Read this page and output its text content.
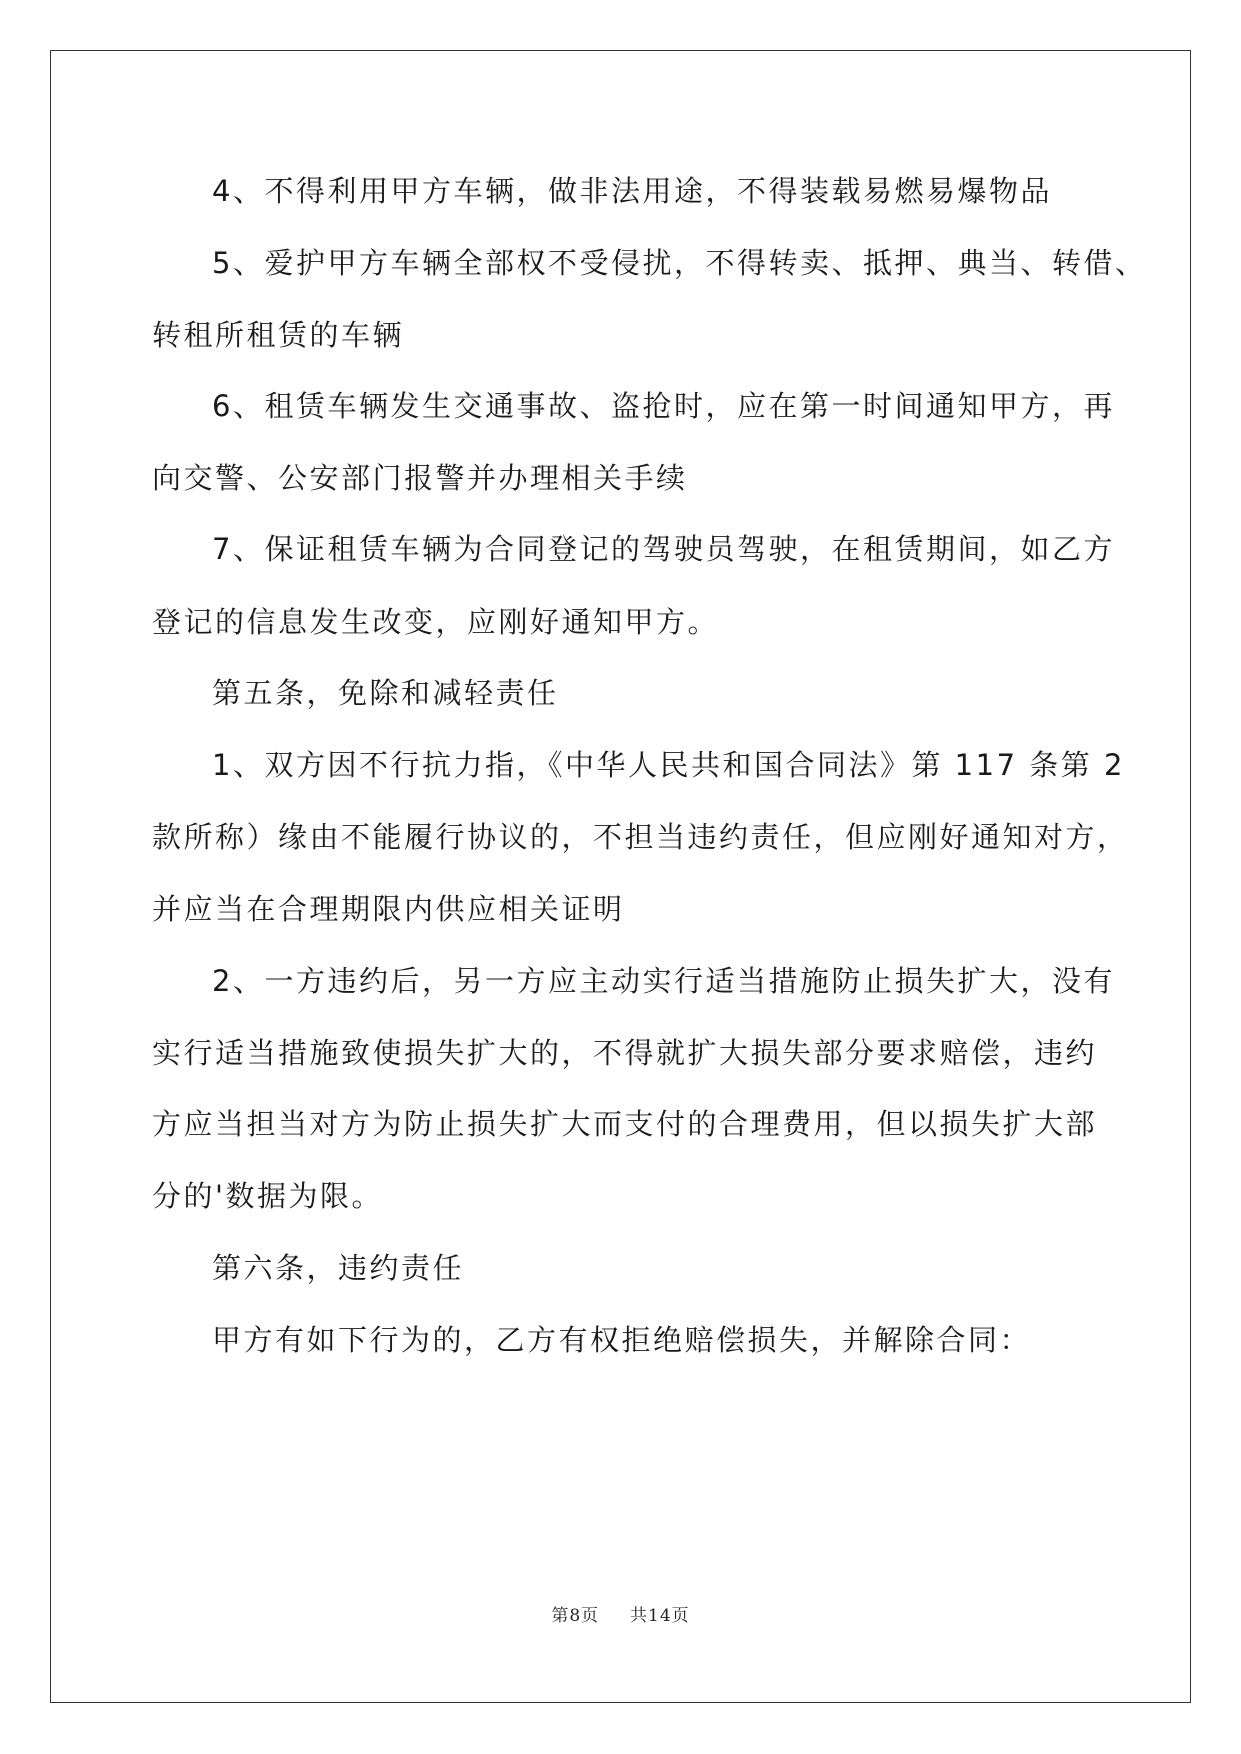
4、不得利用甲方车辆，做非法用途，不得装载易燃易爆物品
5、爱护甲方车辆全部权不受侵扰，不得转卖、抵押、典当、转借、
转租所租赁的车辆
6、租赁车辆发生交通事故、盗抢时，应在第一时间通知甲方，再
向交警、公安部门报警并办理相关手续
7、保证租赁车辆为合同登记的驾驶员驾驶，在租赁期间，如乙方
登记的信息发生改变，应刚好通知甲方。
第五条，免除和减轻责任
1、双方因不行抗力指，《中华人民共和国合同法》第 117 条第 2
款所称）缘由不能履行协议的，不担当违约责任，但应刚好通知对方，
并应当在合理期限内供应相关证明
2、一方违约后，另一方应主动实行适当措施防止损失扩大，没有
实行适当措施致使损失扩大的，不得就扩大损失部分要求赔偿，违约
方应当担当对方为防止损失扩大而支付的合理费用，但以损失扩大部
分的'数据为限。
第六条，违约责任
甲方有如下行为的，乙方有权拒绝赔偿损失，并解除合同：
第8页 共14页
